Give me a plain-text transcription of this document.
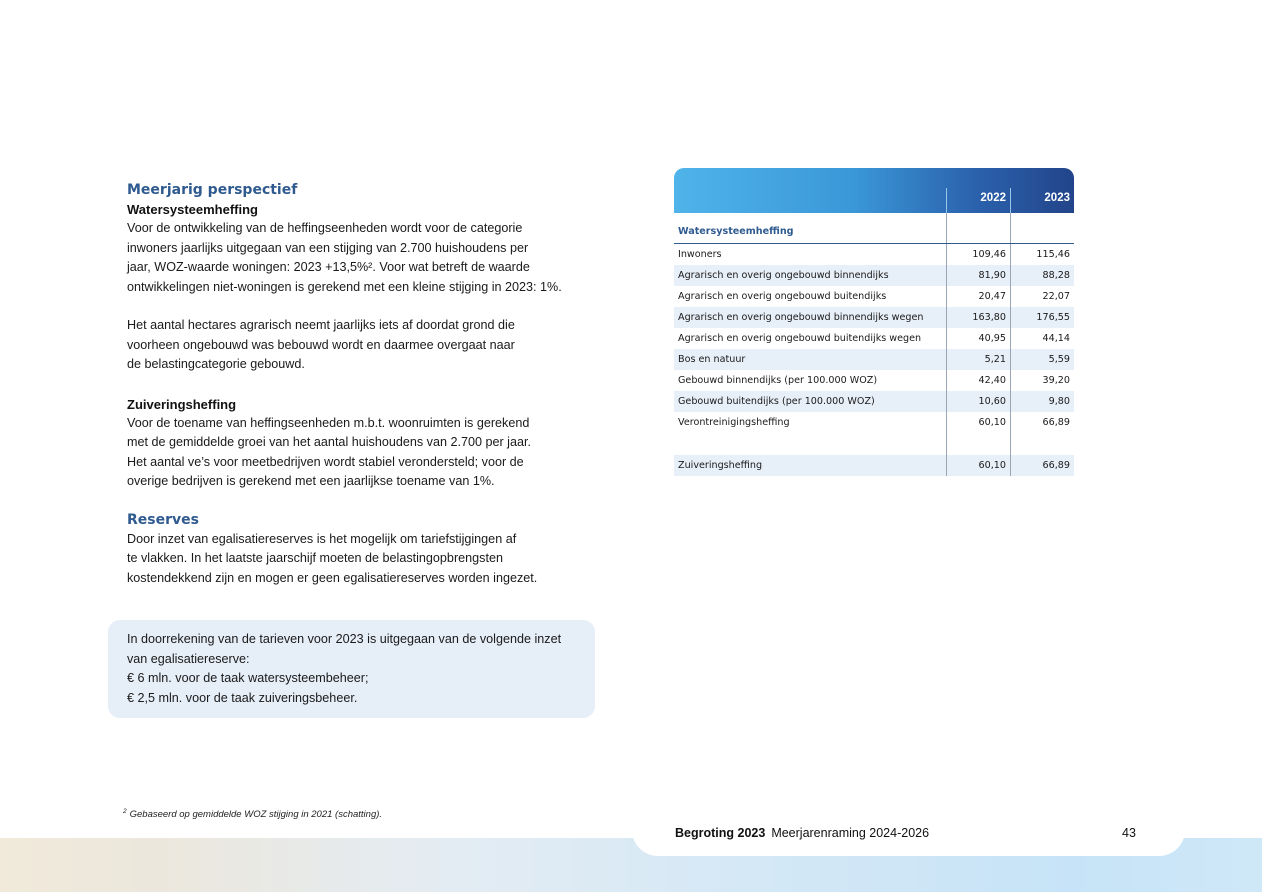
Meerjarig perspectief
Watersysteemheffing

Voor de ontwikkeling van de heffingseenheden wordt voor de categorie

inwoners jaarlijks uitgegaan van een stijging van 2.700 huishoudens per

jaar, WOZ-waarde woningen: 2023 +13,5%². Voor wat betreft de waarde

ontwikkelingen niet-woningen is gerekend met een kleine stijging in 2023: 1%.

Het aantal hectares agrarisch neemt jaarlijks iets af doordat grond die

voorheen ongebouwd was bebouwd wordt en daarmee overgaat naar

de belastingcategorie gebouwd.

Zuiveringsheffing

Voor de toename van heffingseenheden m.b.t. woonruimten is gerekend

met de gemiddelde groei van het aantal huishoudens van 2.700 per jaar.

Het aantal ve’s voor meetbedrijven wordt stabiel verondersteld; voor de

overige bedrijven is gerekend met een jaarlijkse toename van 1%.

Reserves

Door inzet van egalisatiereserves is het mogelijk om tariefstijgingen af

te vlakken. In het laatste jaarschijf moeten de belastingopbrengsten

kostendekkend zijn en mogen er geen egalisatiereserves worden ingezet.

In doorrekening van de tarieven voor 2023 is uitgegaan van de volgende inzet

van egalisatiereserve:

€ 6 mln. voor de taak watersysteembeheer;

€ 2,5 mln. voor de taak zuiveringsbeheer.

2022	2023
Watersysteemheffing
Inwoners	109,46	115,46
Agrarisch en overig ongebouwd binnendijks	81,90	88,28
Agrarisch en overig ongebouwd buitendijks	20,47	22,07
Agrarisch en overig ongebouwd binnendijks wegen	163,80	176,55
Agrarisch en overig ongebouwd buitendijks wegen	40,95	44,14
Bos en natuur	5,21	5,59
Gebouwd binnendijks (per 100.000 WOZ)	42,40	39,20
Gebouwd buitendijks (per 100.000 WOZ)	10,60	9,80
Verontreinigingsheffing	60,10	66,89
Zuiveringsheffing	60,10	66,89
$^2$ Gebaseerd op gemiddelde WOZ stijging in 2021 (schatting).
Begroting 2023 Meerjarenraming 2024-2026	43
